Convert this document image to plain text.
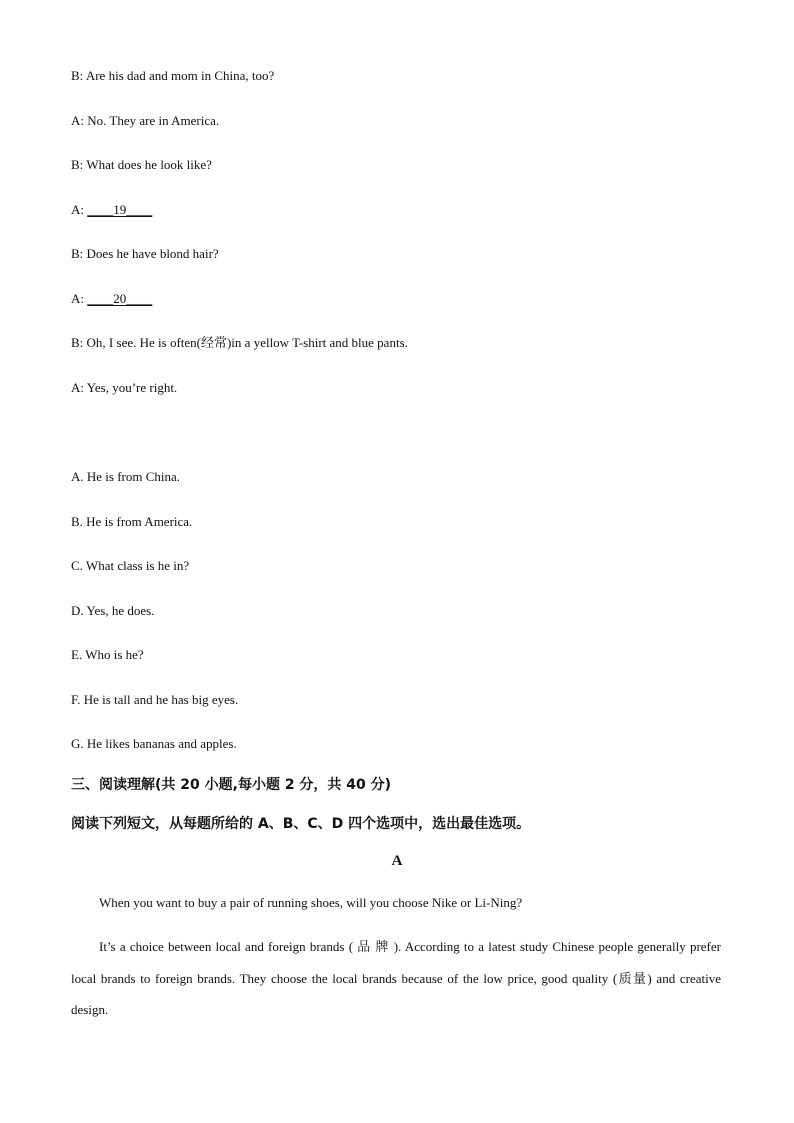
B: Are his dad and mom in China, too?
A: No. They are in America.
B: What does he look like?
A: ____19____
B: Does he have blond hair?
A: ____20____
B: Oh, I see. He is often(经常)in a yellow T-shirt and blue pants.
A: Yes, you’re right.
A. He is from China.
B. He is from America.
C. What class is he in?
D. Yes, he does.
E. Who is he?
F. He is tall and he has big eyes.
G. He likes bananas and apples.
三、阅读理解(共 20 小题,每小题 2 分，共 40 分)
阅读下列短文，从每题所给的 A、B、C、D 四个选项中，选出最佳选项。
A
When you want to buy a pair of running shoes, will you choose Nike or Li-Ning?
It’s a choice between local and foreign brands ( 品 牌 ). According to a latest study Chinese people generally prefer local brands to foreign brands. They choose the local brands because of the low price, good quality (质量) and creative design.
